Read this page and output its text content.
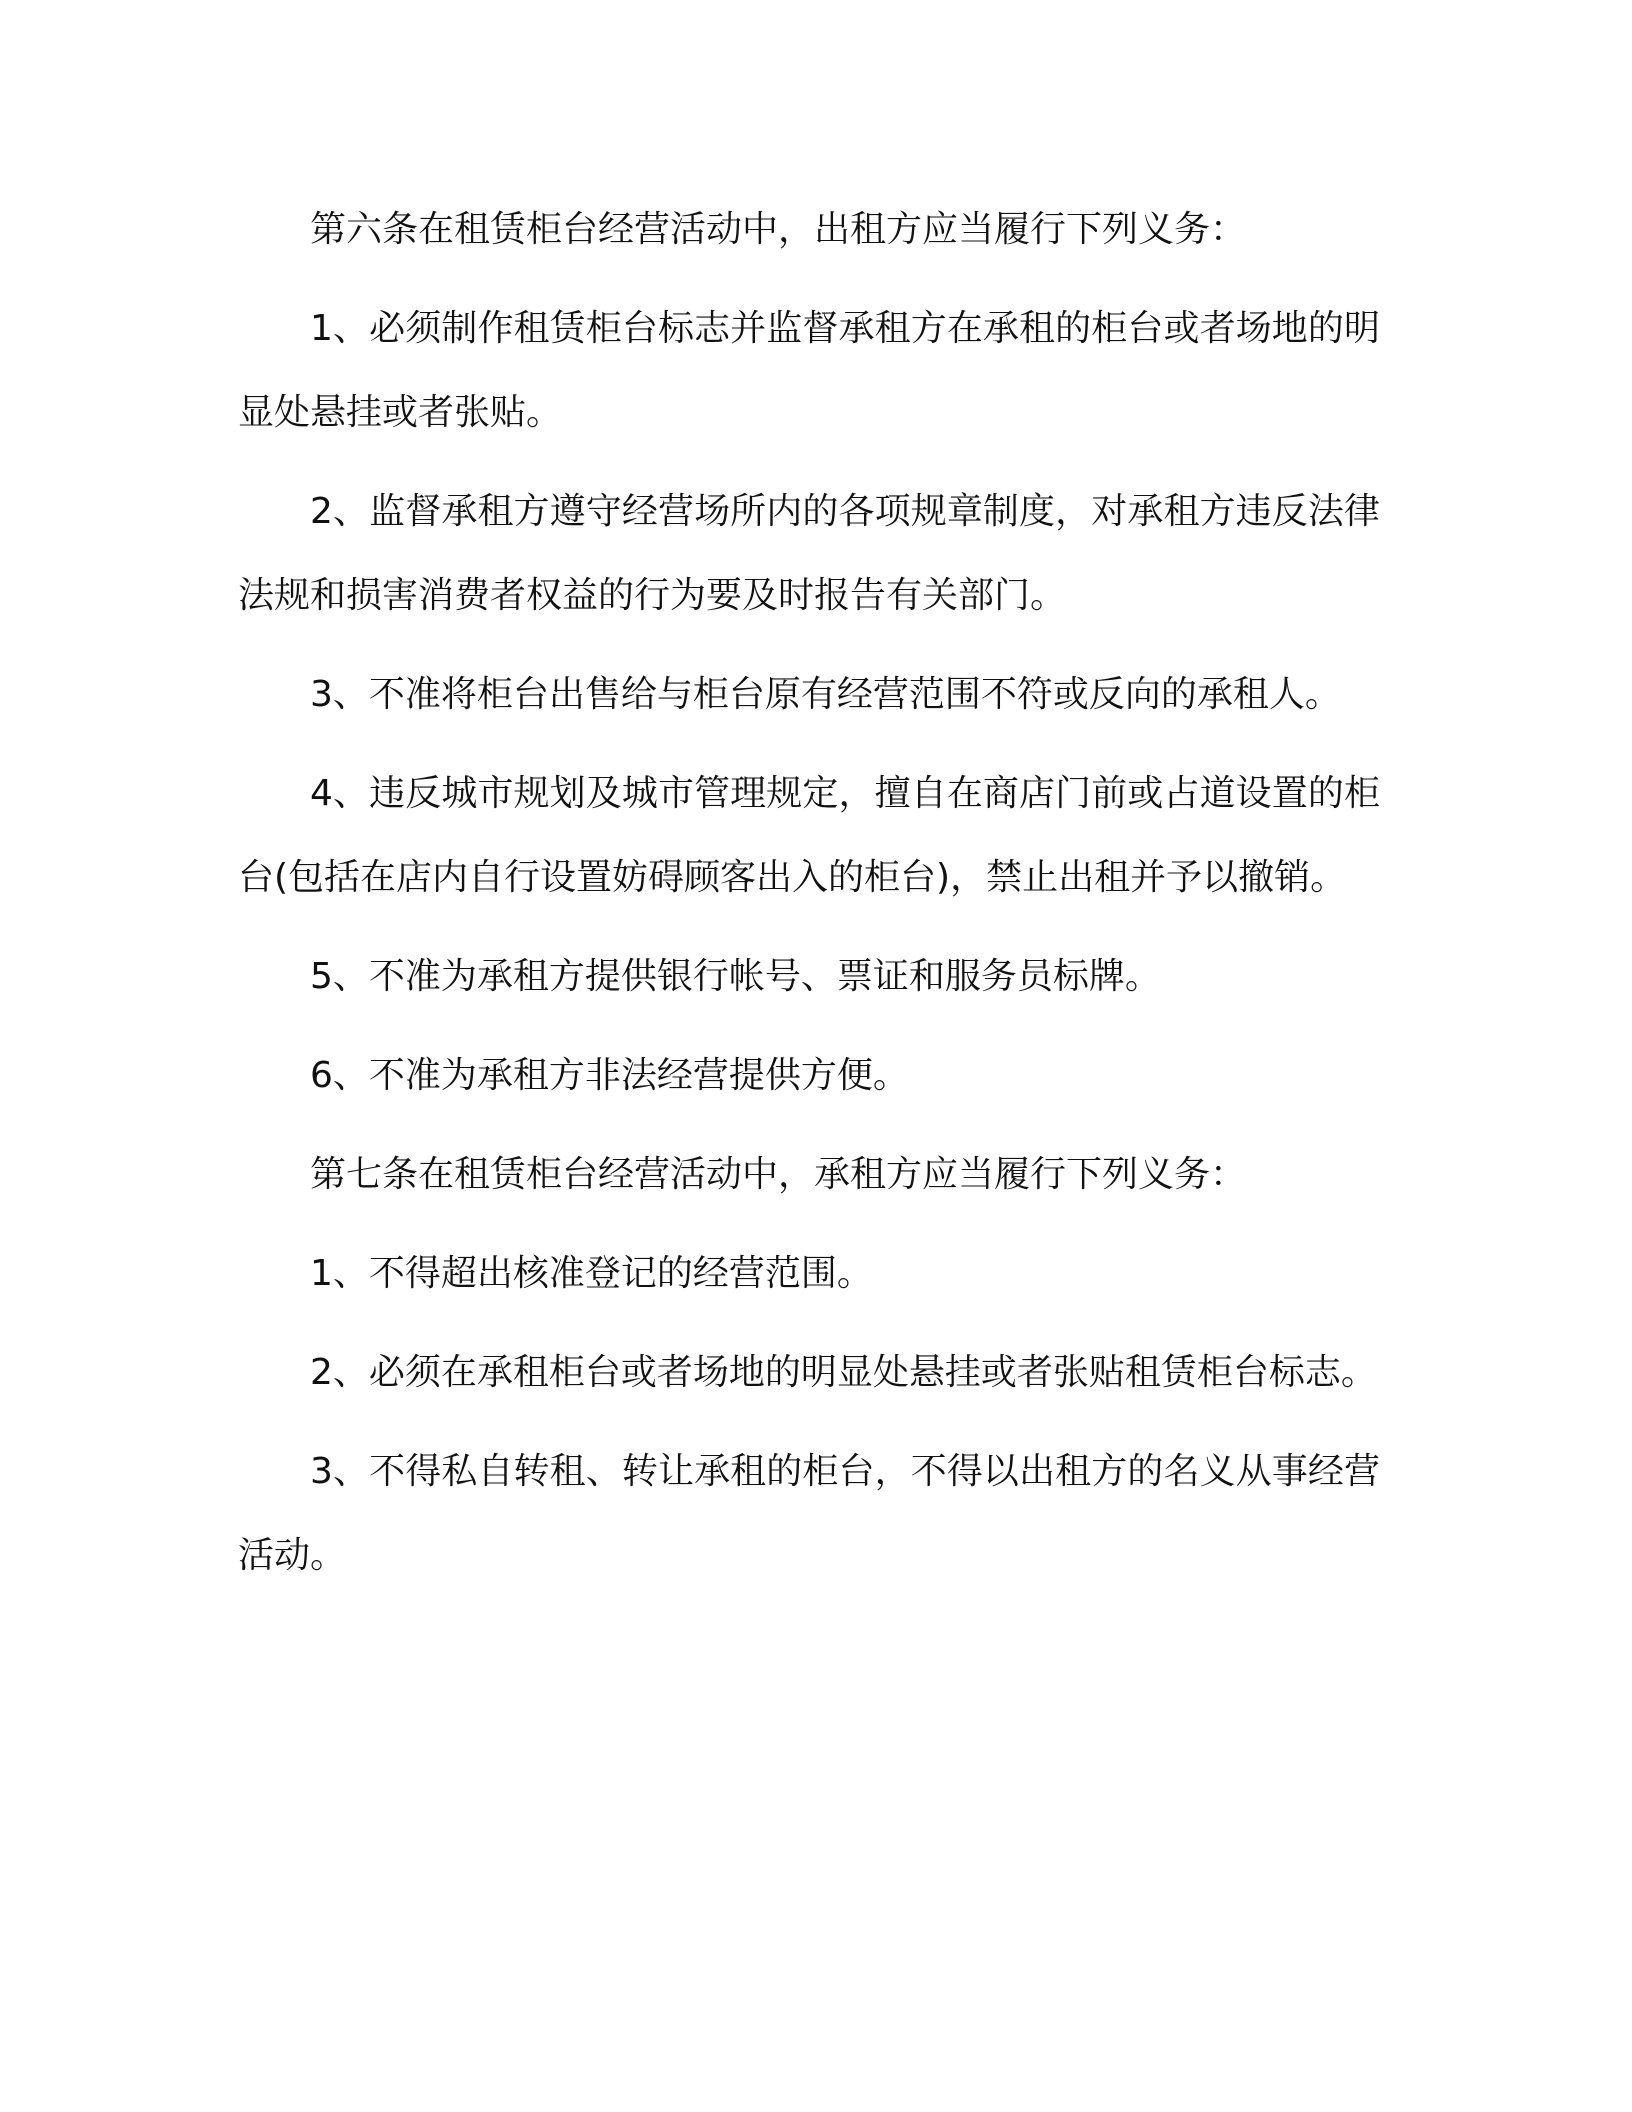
第六条在租赁柜台经营活动中，出租方应当履行下列义务：

1、必须制作租赁柜台标志并监督承租方在承租的柜台或者场地的明显处悬挂或者张贴。

2、监督承租方遵守经营场所内的各项规章制度，对承租方违反法律法规和损害消费者权益的行为要及时报告有关部门。

3、不准将柜台出售给与柜台原有经营范围不符或反向的承租人。

4、违反城市规划及城市管理规定，擅自在商店门前或占道设置的柜台(包括在店内自行设置妨碍顾客出入的柜台)，禁止出租并予以撤销。

5、不准为承租方提供银行帐号、票证和服务员标牌。

6、不准为承租方非法经营提供方便。

第七条在租赁柜台经营活动中，承租方应当履行下列义务：

1、不得超出核准登记的经营范围。

2、必须在承租柜台或者场地的明显处悬挂或者张贴租赁柜台标志。

3、不得私自转租、转让承租的柜台，不得以出租方的名义从事经营活动。
